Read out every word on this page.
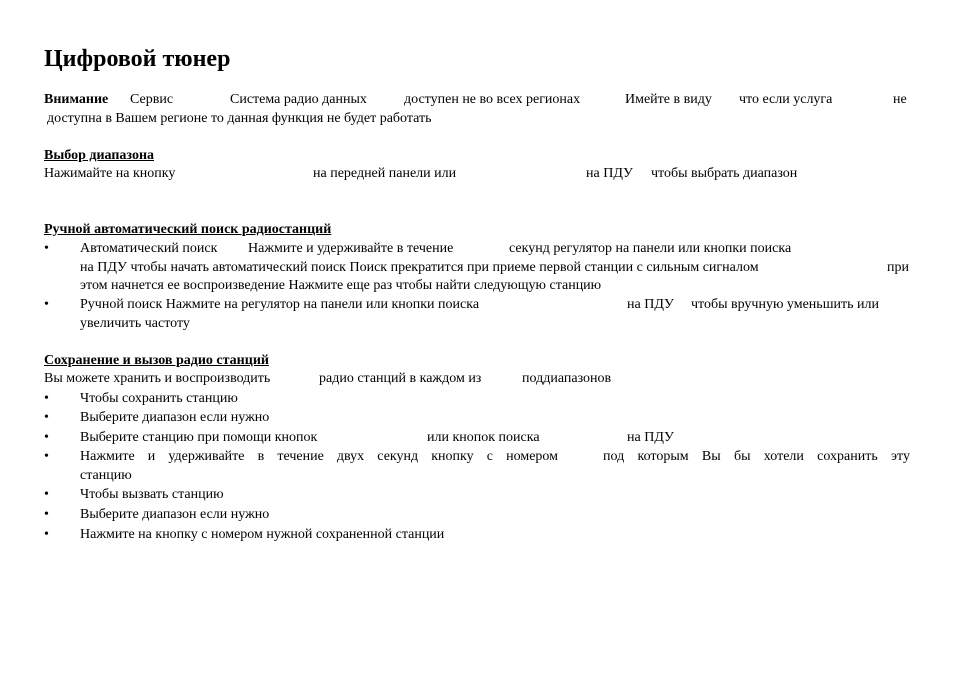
Цифровой тюнер
Внимание Сервис	Система радио данных	доступен не во всех регионах	Имейте в виду что если услуга	не
доступна в Вашем регионе то данная функция не будет работать
Выбор диапазона
Нажимайте на кнопку	на передней панели или	на ПДУ чтобы выбрать диапазон
Ручной автоматический поиск радиостанций
•
Автоматический поиск Нажмите и удерживайте в течение	секунд регулятор на панели или кнопки поиска
на ПДУ чтобы начать автоматический поиск Поиск прекратится при приеме первой станции с сильным сигналом	при
этом начнется ее воспроизведение Нажмите еще раз чтобы найти следующую станцию
•
Ручной поиск Нажмите на регулятор на панели или кнопки поиска	на ПДУ чтобы вручную уменьшить или
увеличить частоту
Сохранение и вызов радио станций
Вы можете хранить и воспроизводить	радио станций в каждом из	поддиапазонов
•
Чтобы сохранить станцию
•
Выберите диапазон если нужно
•
Выберите станцию при помощи кнопок	или кнопок поиска	на ПДУ
•
Нажмите и удерживайте в течение двух секунд кнопку с номером	под которым Вы бы хотели сохранить эту
станцию
•
Чтобы вызвать станцию
•
Выберите диапазон если нужно
•
Нажмите на кнопку с номером нужной сохраненной станции
